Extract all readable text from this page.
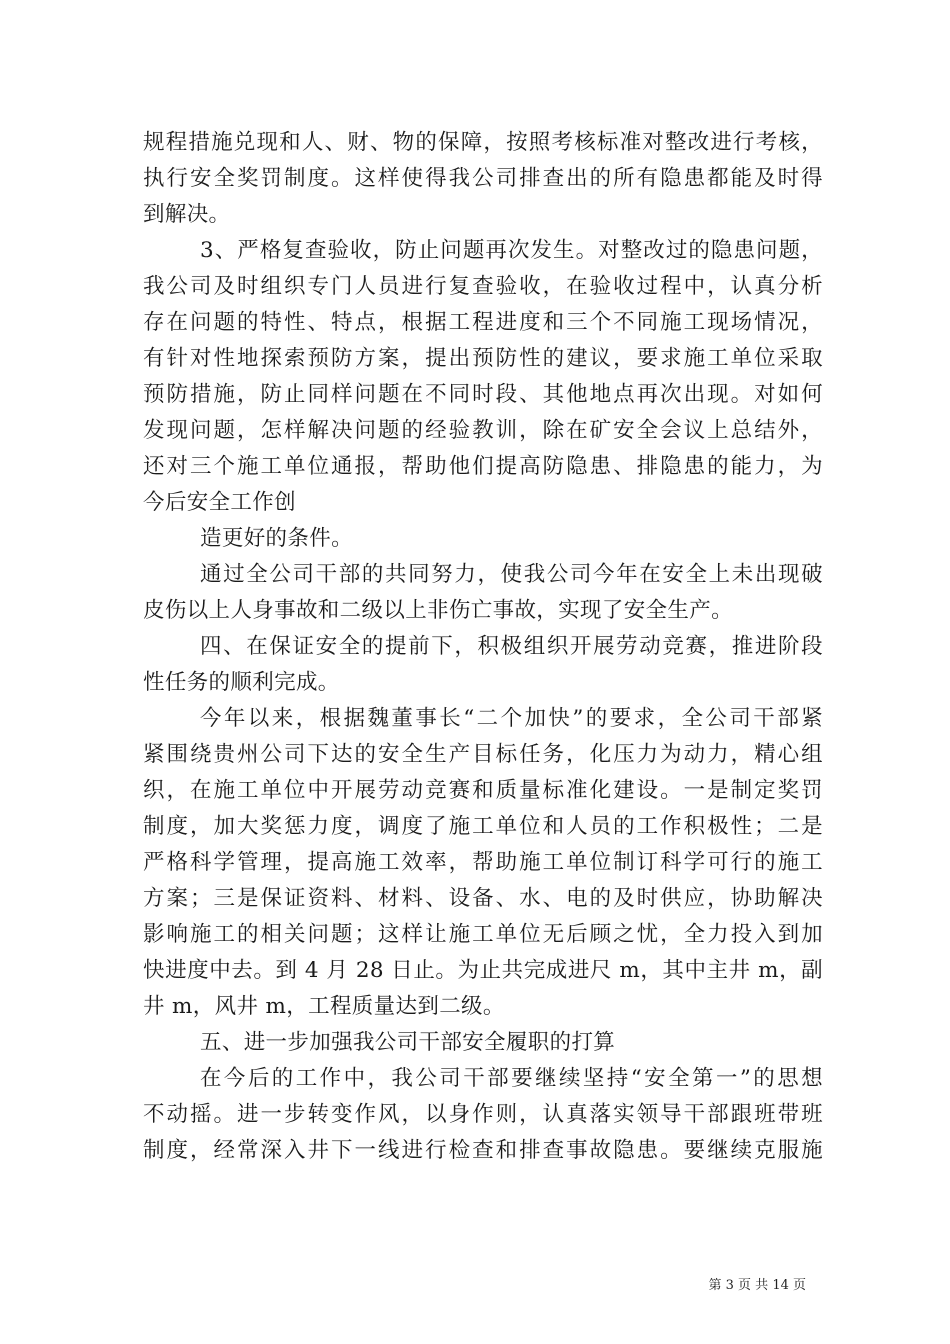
规程措施兑现和人、财、物的保障，按照考核标准对整改进行考核，
执行安全奖罚制度。这样使得我公司排查出的所有隐患都能及时得
到解决。
3、严格复查验收，防止问题再次发生。对整改过的隐患问题，
我公司及时组织专门人员进行复查验收，在验收过程中，认真分析
存在问题的特性、特点，根据工程进度和三个不同施工现场情况，
有针对性地探索预防方案，提出预防性的建议，要求施工单位采取
预防措施，防止同样问题在不同时段、其他地点再次出现。对如何
发现问题，怎样解决问题的经验教训，除在矿安全会议上总结外，
还对三个施工单位通报，帮助他们提高防隐患、排隐患的能力，为
今后安全工作创
造更好的条件。
通过全公司干部的共同努力，使我公司今年在安全上未出现破
皮伤以上人身事故和二级以上非伤亡事故，实现了安全生产。
四、在保证安全的提前下，积极组织开展劳动竞赛，推进阶段
性任务的顺利完成。
今年以来，根据魏董事长“二个加快”的要求，全公司干部紧
紧围绕贵州公司下达的安全生产目标任务，化压力为动力，精心组
织，在施工单位中开展劳动竞赛和质量标准化建设。一是制定奖罚
制度，加大奖惩力度，调度了施工单位和人员的工作积极性；二是
严格科学管理，提高施工效率，帮助施工单位制订科学可行的施工
方案；三是保证资料、材料、设备、水、电的及时供应，协助解决
影响施工的相关问题；这样让施工单位无后顾之忧，全力投入到加
快进度中去。到 4 月 28 日止。为止共完成进尺 m，其中主井 m，副
井 m，风井 m，工程质量达到二级。
五、进一步加强我公司干部安全履职的打算
在今后的工作中，我公司干部要继续坚持“安全第一”的思想
不动摇。进一步转变作风，以身作则，认真落实领导干部跟班带班
制度，经常深入井下一线进行检查和排查事故隐患。要继续克服施
第 3 页 共 14 页
